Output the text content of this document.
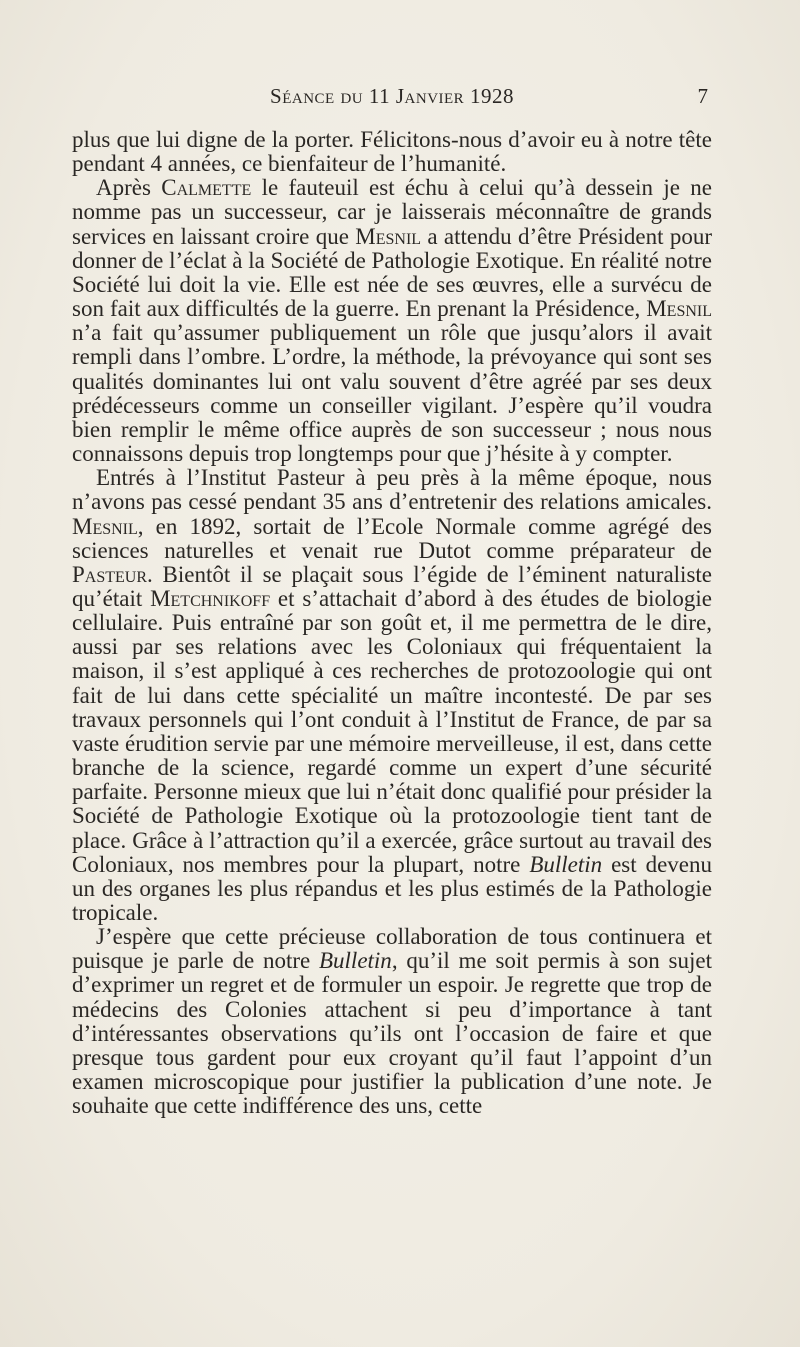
Séance du 11 Janvier 1928	7

plus que lui digne de la porter. Félicitons-nous d’avoir eu à notre tête pendant 4 années, ce bienfaiteur de l’humanité.

Après Calmette le fauteuil est échu à celui qu’à dessein je ne nomme pas un successeur, car je laisserais méconnaître de grands services en laissant croire que Mesnil a attendu d’être Président pour donner de l’éclat à la Société de Pathologie Exotique. En réalité notre Société lui doit la vie. Elle est née de ses œuvres, elle a survécu de son fait aux difficultés de la guerre. En prenant la Présidence, Mesnil n’a fait qu’assumer publiquement un rôle que jusqu’alors il avait rempli dans l’ombre. L’ordre, la méthode, la prévoyance qui sont ses qualités dominantes lui ont valu souvent d’être agréé par ses deux prédécesseurs comme un conseiller vigilant. J’espère qu’il voudra bien remplir le même office auprès de son successeur ; nous nous connaissons depuis trop longtemps pour que j’hésite à y compter.

Entrés à l’Institut Pasteur à peu près à la même époque, nous n’avons pas cessé pendant 35 ans d’entretenir des relations amicales. Mesnil, en 1892, sortait de l’Ecole Normale comme agrégé des sciences naturelles et venait rue Dutot comme préparateur de Pasteur. Bientôt il se plaçait sous l’égide de l’éminent naturaliste qu’était Metchnikoff et s’attachait d’abord à des études de biologie cellulaire. Puis entraîné par son goût et, il me permettra de le dire, aussi par ses relations avec les Coloniaux qui fréquentaient la maison, il s’est appliqué à ces recherches de protozoologie qui ont fait de lui dans cette spécialité un maître incontesté. De par ses travaux personnels qui l’ont conduit à l’Institut de France, de par sa vaste érudition servie par une mémoire merveilleuse, il est, dans cette branche de la science, regardé comme un expert d’une sécurité parfaite. Personne mieux que lui n’était donc qualifié pour présider la Société de Pathologie Exotique où la protozoologie tient tant de place. Grâce à l’attraction qu’il a exercée, grâce surtout au travail des Coloniaux, nos membres pour la plupart, notre Bulletin est devenu un des organes les plus répandus et les plus estimés de la Pathologie tropicale.

J’espère que cette précieuse collaboration de tous continuera et puisque je parle de notre Bulletin, qu’il me soit permis à son sujet d’exprimer un regret et de formuler un espoir. Je regrette que trop de médecins des Colonies attachent si peu d’importance à tant d’intéressantes observations qu’ils ont l’occasion de faire et que presque tous gardent pour eux croyant qu’il faut l’appoint d’un examen microscopique pour justifier la publication d’une note. Je souhaite que cette indifférence des uns, cette
